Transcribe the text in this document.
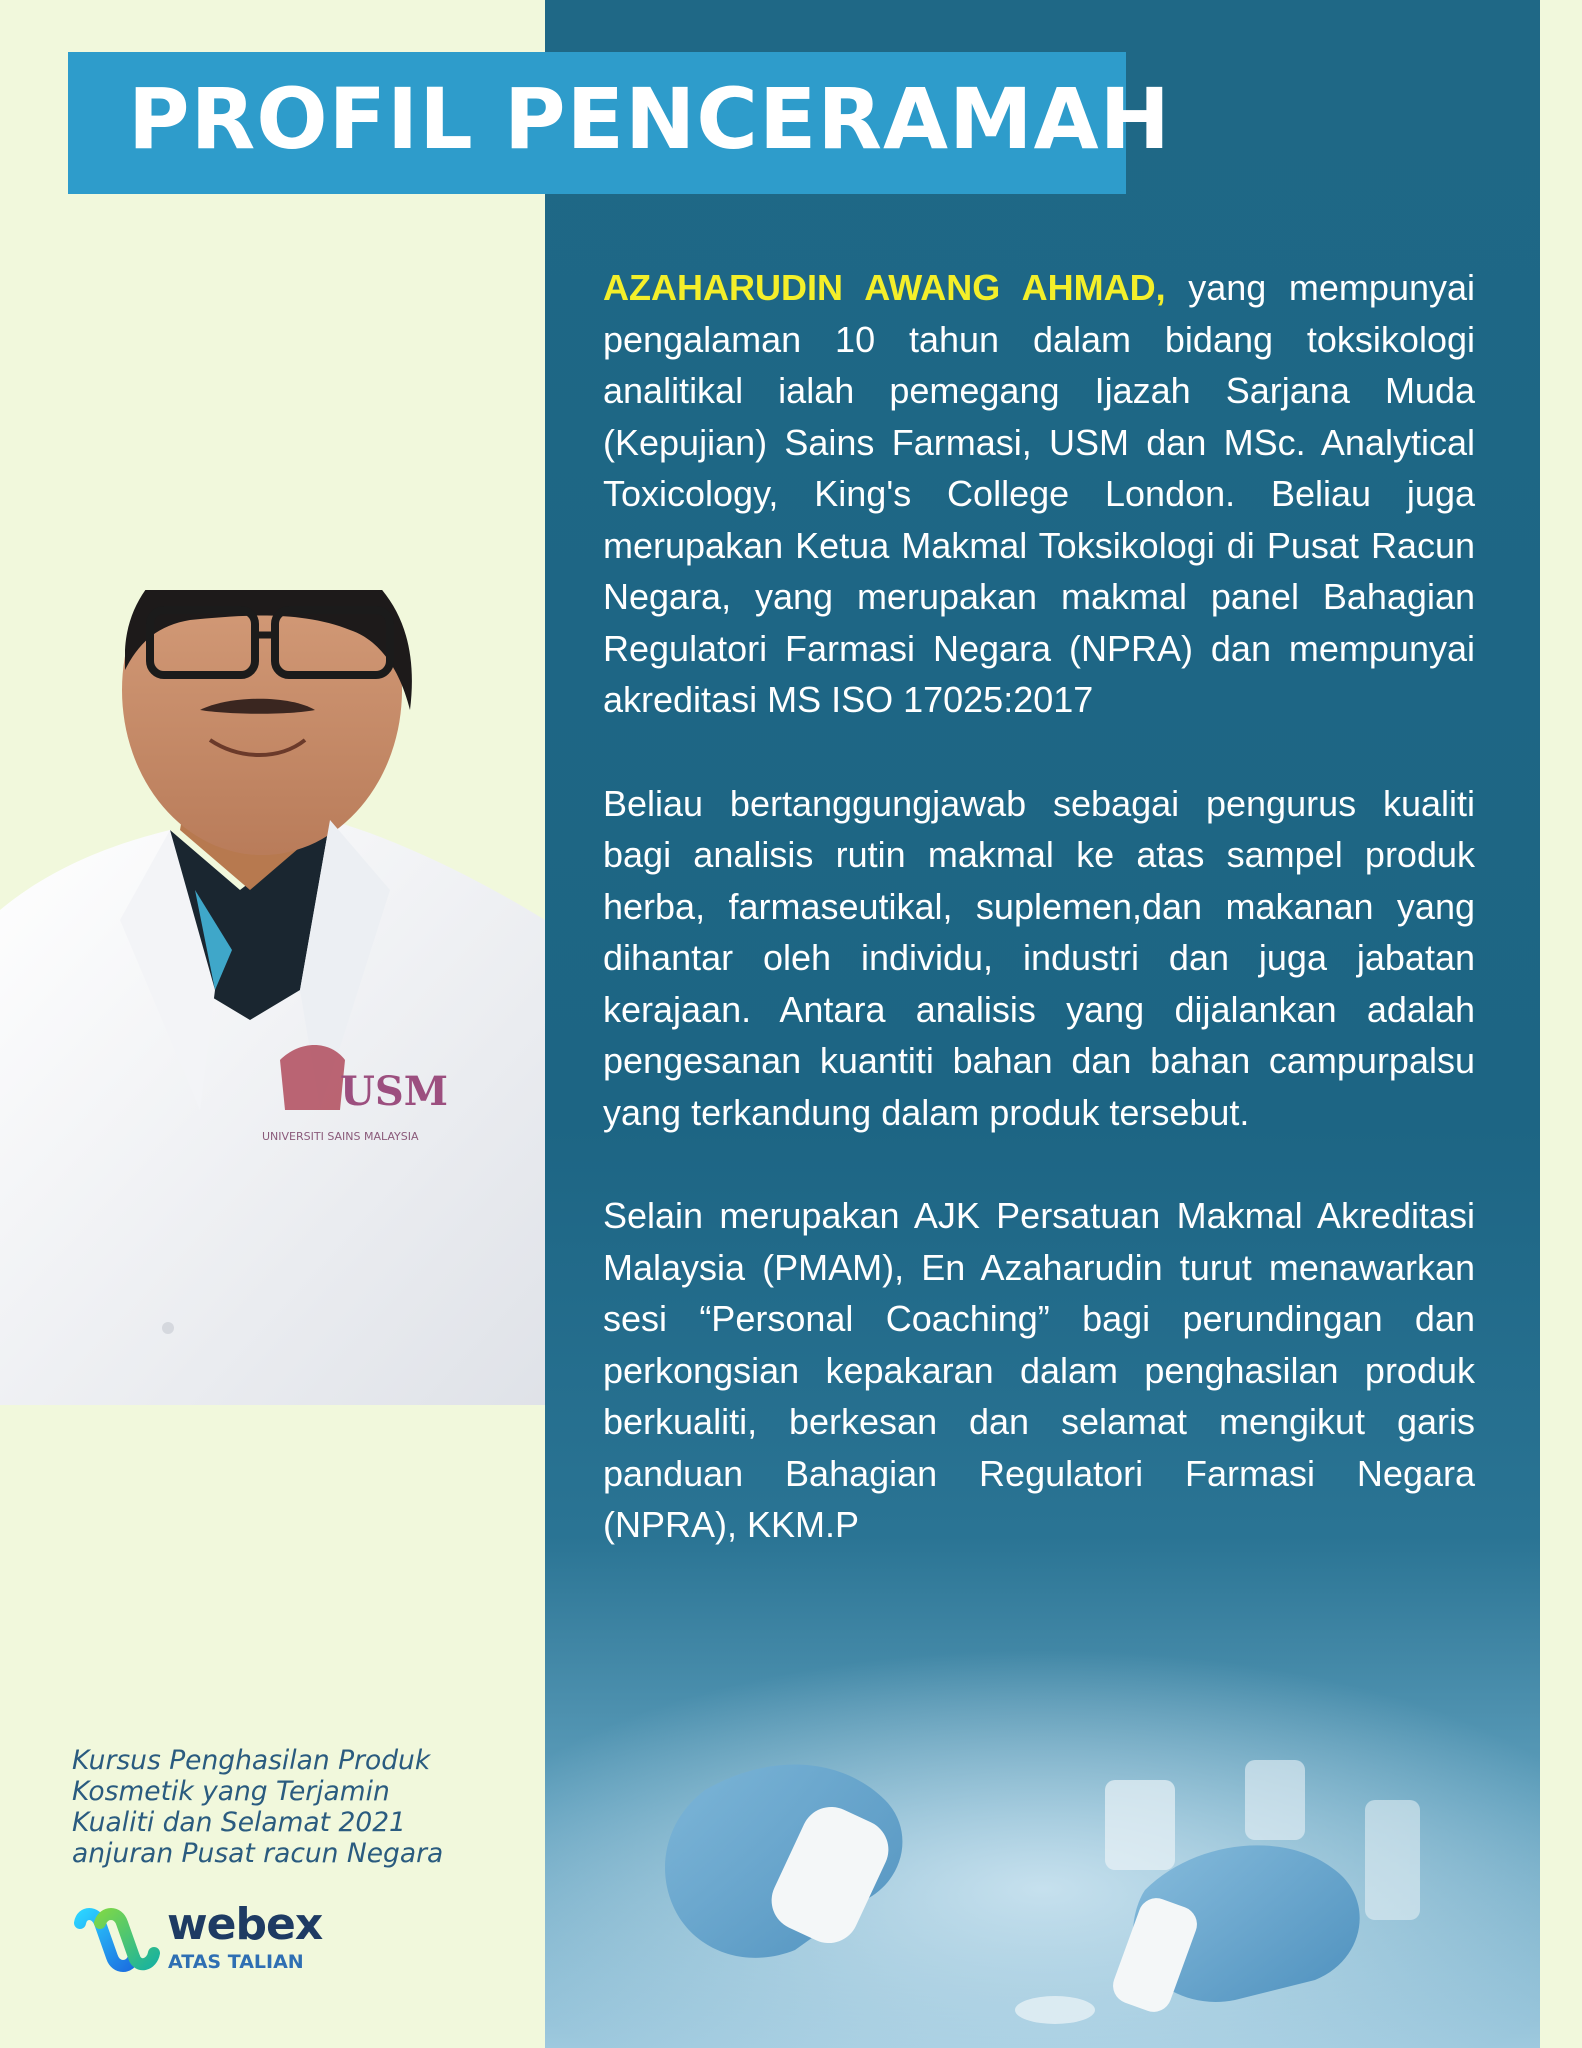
PROFIL PENCERAMAH

AZAHARUDIN AWANG AHMAD, yang mempunyai pengalaman 10 tahun dalam bidang toksikologi analitikal ialah pemegang Ijazah Sarjana Muda (Kepujian) Sains Farmasi, USM dan MSc. Analytical Toxicology, King's College London. Beliau juga merupakan Ketua Makmal Toksikologi di Pusat Racun Negara, yang merupakan makmal panel Bahagian Regulatori Farmasi Negara (NPRA) dan mempunyai akreditasi MS ISO 17025:2017

Beliau bertanggungjawab sebagai pengurus kualiti bagi analisis rutin makmal ke atas sampel produk herba, farmaseutikal, suplemen,dan makanan yang dihantar oleh individu, industri dan juga jabatan kerajaan. Antara analisis yang dijalankan adalah pengesanan kuantiti bahan dan bahan campurpalsu yang terkandung dalam produk tersebut.

Selain merupakan AJK Persatuan Makmal Akreditasi Malaysia (PMAM), En Azaharudin turut menawarkan sesi “Personal Coaching” bagi perundingan dan perkongsian kepakaran dalam penghasilan produk berkualiti, berkesan dan selamat mengikut garis panduan Bahagian Regulatori Farmasi Negara (NPRA), KKM.P

USM
UNIVERSITI SAINS MALAYSIA
Kursus Penghasilan Produk
Kosmetik yang Terjamin
Kualiti dan Selamat 2021
anjuran Pusat racun Negara
webex
ATAS TALIAN
